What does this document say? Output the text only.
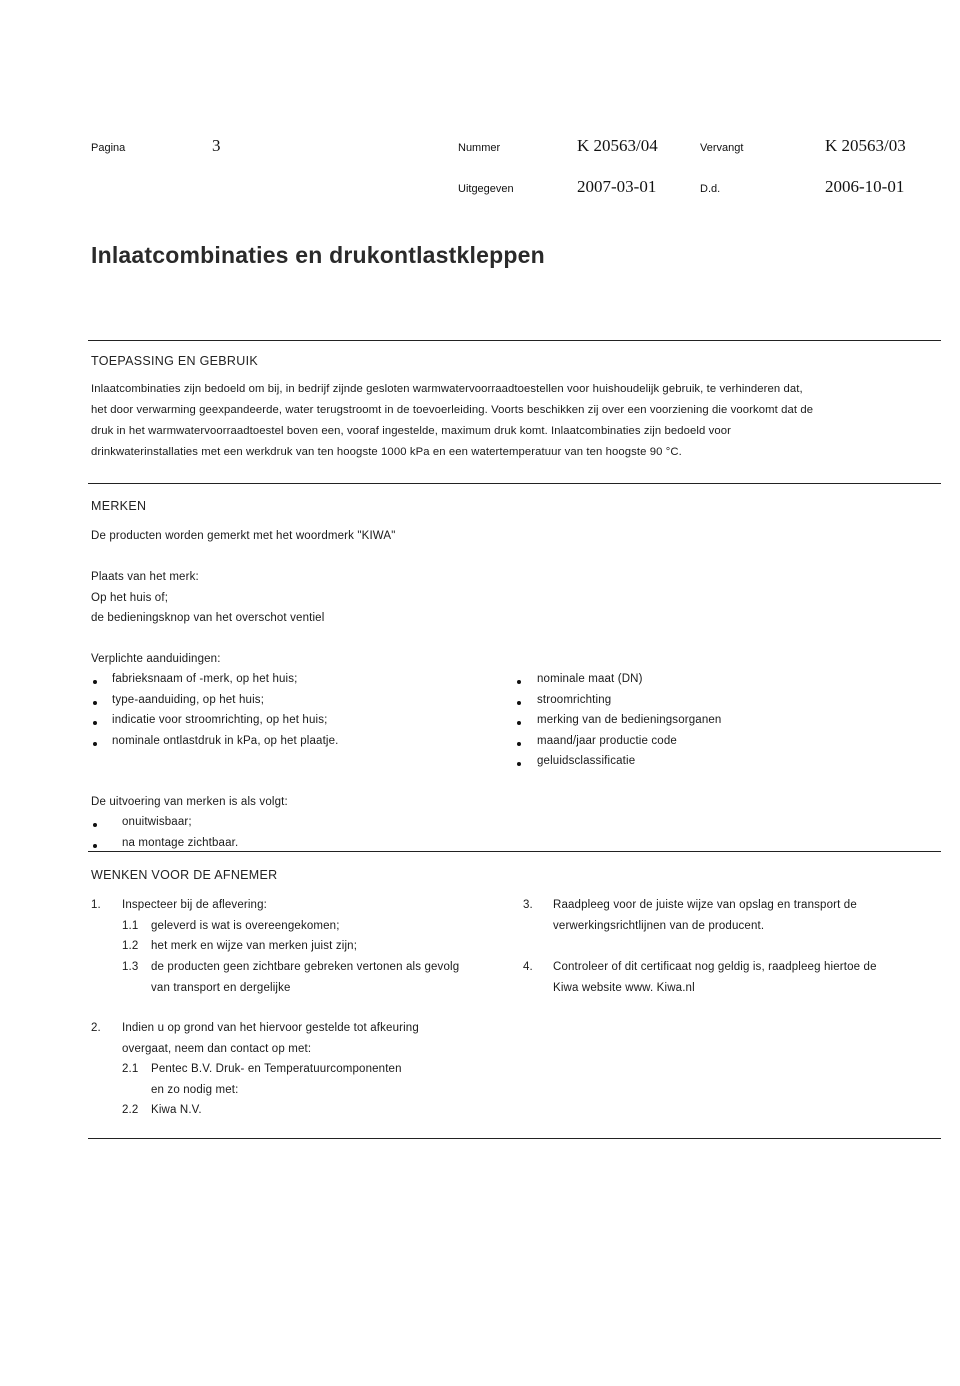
Pagina	3	Nummer	K 20563/04	Vervangt	K 20563/03
Uitgegeven	2007-03-01	D.d.	2006-10-01
Inlaatcombinaties en drukontlastkleppen
TOEPASSING EN GEBRUIK
Inlaatcombinaties zijn bedoeld om bij, in bedrijf zijnde gesloten warmwatervoorraadtoestellen voor huishoudelijk gebruik, te verhinderen dat,
het door verwarming geexpandeerde, water terugstroomt in de toevoerleiding. Voorts beschikken zij over een voorziening die voorkomt dat de
druk in het warmwatervoorraadtoestel boven een, vooraf ingestelde, maximum druk komt. Inlaatcombinaties zijn bedoeld voor
drinkwaterinstallaties met een werkdruk van ten hoogste 1000 kPa en een watertemperatuur van ten hoogste 90 °C.
MERKEN
De producten worden gemerkt met het woordmerk "KIWA"
Plaats van het merk:
Op het huis of;
de bedieningsknop van het overschot ventiel
Verplichte aanduidingen:
fabrieksnaam of -merk, op het huis;
type-aanduiding, op het huis;
indicatie voor stroomrichting, op het huis;
nominale ontlastdruk in kPa, op het plaatje.
nominale maat (DN)
stroomrichting
merking van de bedieningsorganen
maand/jaar productie code
geluidsclassificatie
De uitvoering van merken is als volgt:
onuitwisbaar;
na montage zichtbaar.
WENKEN VOOR DE AFNEMER
1. Inspecteer bij de aflevering:
1.1 geleverd is wat is overeengekomen;
1.2 het merk en wijze van merken juist zijn;
1.3 de producten geen zichtbare gebreken vertonen als gevolg
van transport en dergelijke
2. Indien u op grond van het hiervoor gestelde tot afkeuring
overgaat, neem dan contact op met:
2.1 Pentec B.V. Druk- en Temperatuurcomponenten
en zo nodig met:
2.2 Kiwa N.V.
3. Raadpleeg voor de juiste wijze van opslag en transport de
verwerkingsrichtlijnen van de producent.
4. Controleer of dit certificaat nog geldig is, raadpleeg hiertoe de
Kiwa website www. Kiwa.nl
